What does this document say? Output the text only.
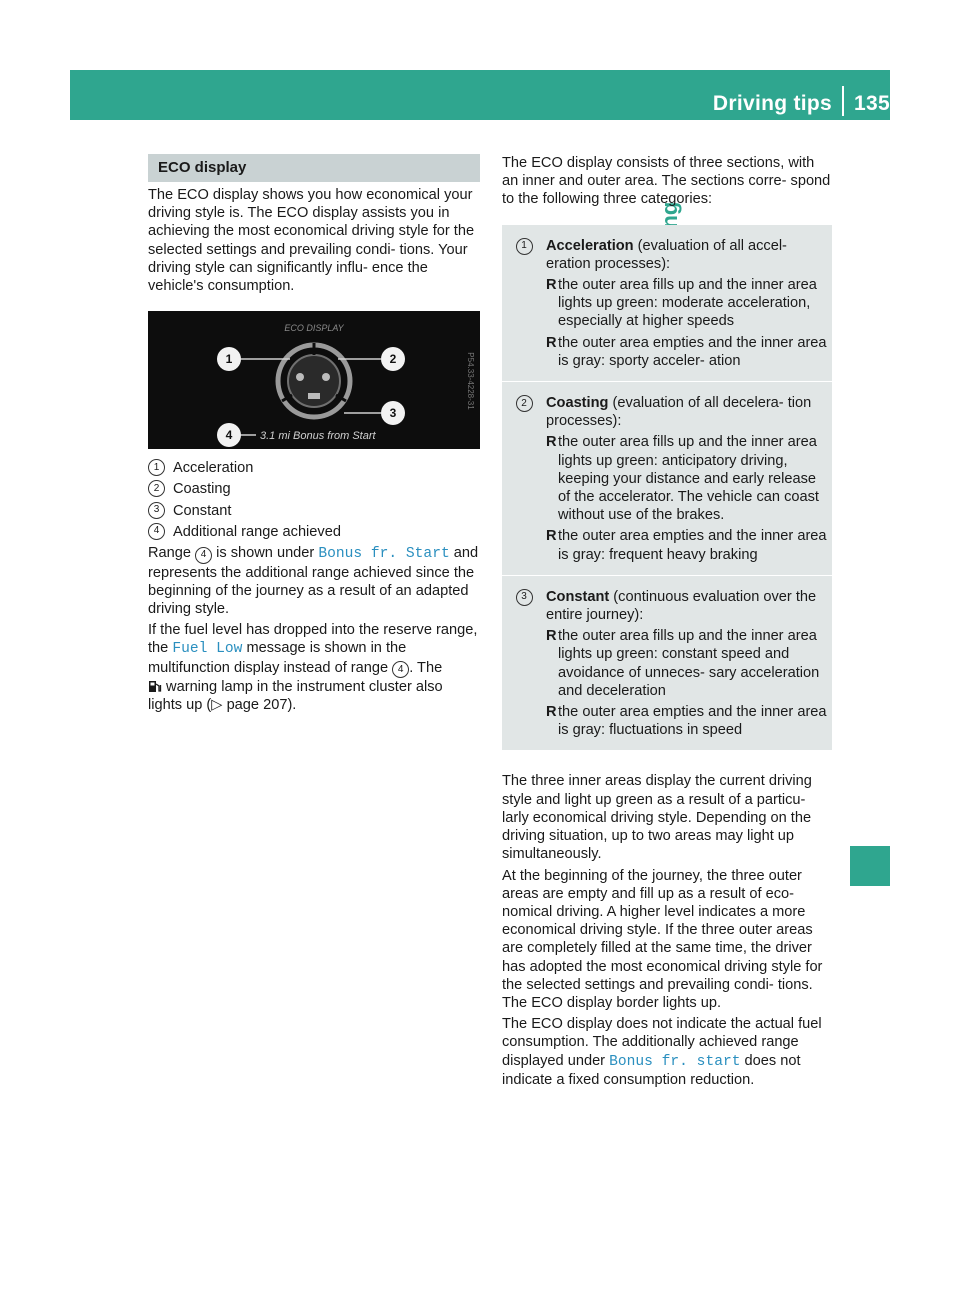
Driving tips 135
ECO display

The ECO display shows you how economical your driving style is. The ECO display assists you in achieving the most economical driving style for the selected settings and prevailing condi- tions. Your driving style can significantly influ- ence the vehicle's consumption.

ECO DISPLAY
1	2
3
4	3.1 mi Bonus from Start
P54.33-4228-31
1 Acceleration
2 Coasting
3 Constant
4 Additional range achieved

Range 4 is shown under Bonus fr. Start and represents the additional range achieved since the beginning of the journey as a result of an adapted driving style.

If the fuel level has dropped into the reserve range, the Fuel Low message is shown in the multifunction display instead of range 4 . The
warning lamp in the instrument cluster also lights up (▷ page 207).

The ECO display consists of three sections, with an inner and outer area. The sections corre- spond to the following three categories:

1	Acceleration (evaluation of all accel- eration processes):
R the outer area fills up and the inner area lights up green: moderate acceleration, especially at higher speeds
R the outer area empties and the inner area is gray: sporty acceler- ation
2	Coasting (evaluation of all decelera- tion processes):
R the outer area fills up and the inner area lights up green: anticipatory driving, keeping your distance and early release of the accelerator. The vehicle can coast without use of the brakes.
R the outer area empties and the inner area is gray: frequent heavy braking
3	Constant (continuous evaluation over the entire journey):
R the outer area fills up and the inner area lights up green: constant speed and avoidance of unneces- sary acceleration and deceleration
R the outer area empties and the inner area is gray: fluctuations in speed

The three inner areas display the current driving style and light up green as a result of a particu- larly economical driving style. Depending on the driving situation, up to two areas may light up simultaneously.

At the beginning of the journey, the three outer areas are empty and fill up as a result of eco- nomical driving. A higher level indicates a more economical driving style. If the three outer areas are completely filled at the same time, the driver has adopted the most economical driving style for the selected settings and prevailing condi- tions. The ECO display border lights up.

The ECO display does not indicate the actual fuel consumption. The additionally achieved range displayed under Bonus fr. start does not indicate a fixed consumption reduction.
